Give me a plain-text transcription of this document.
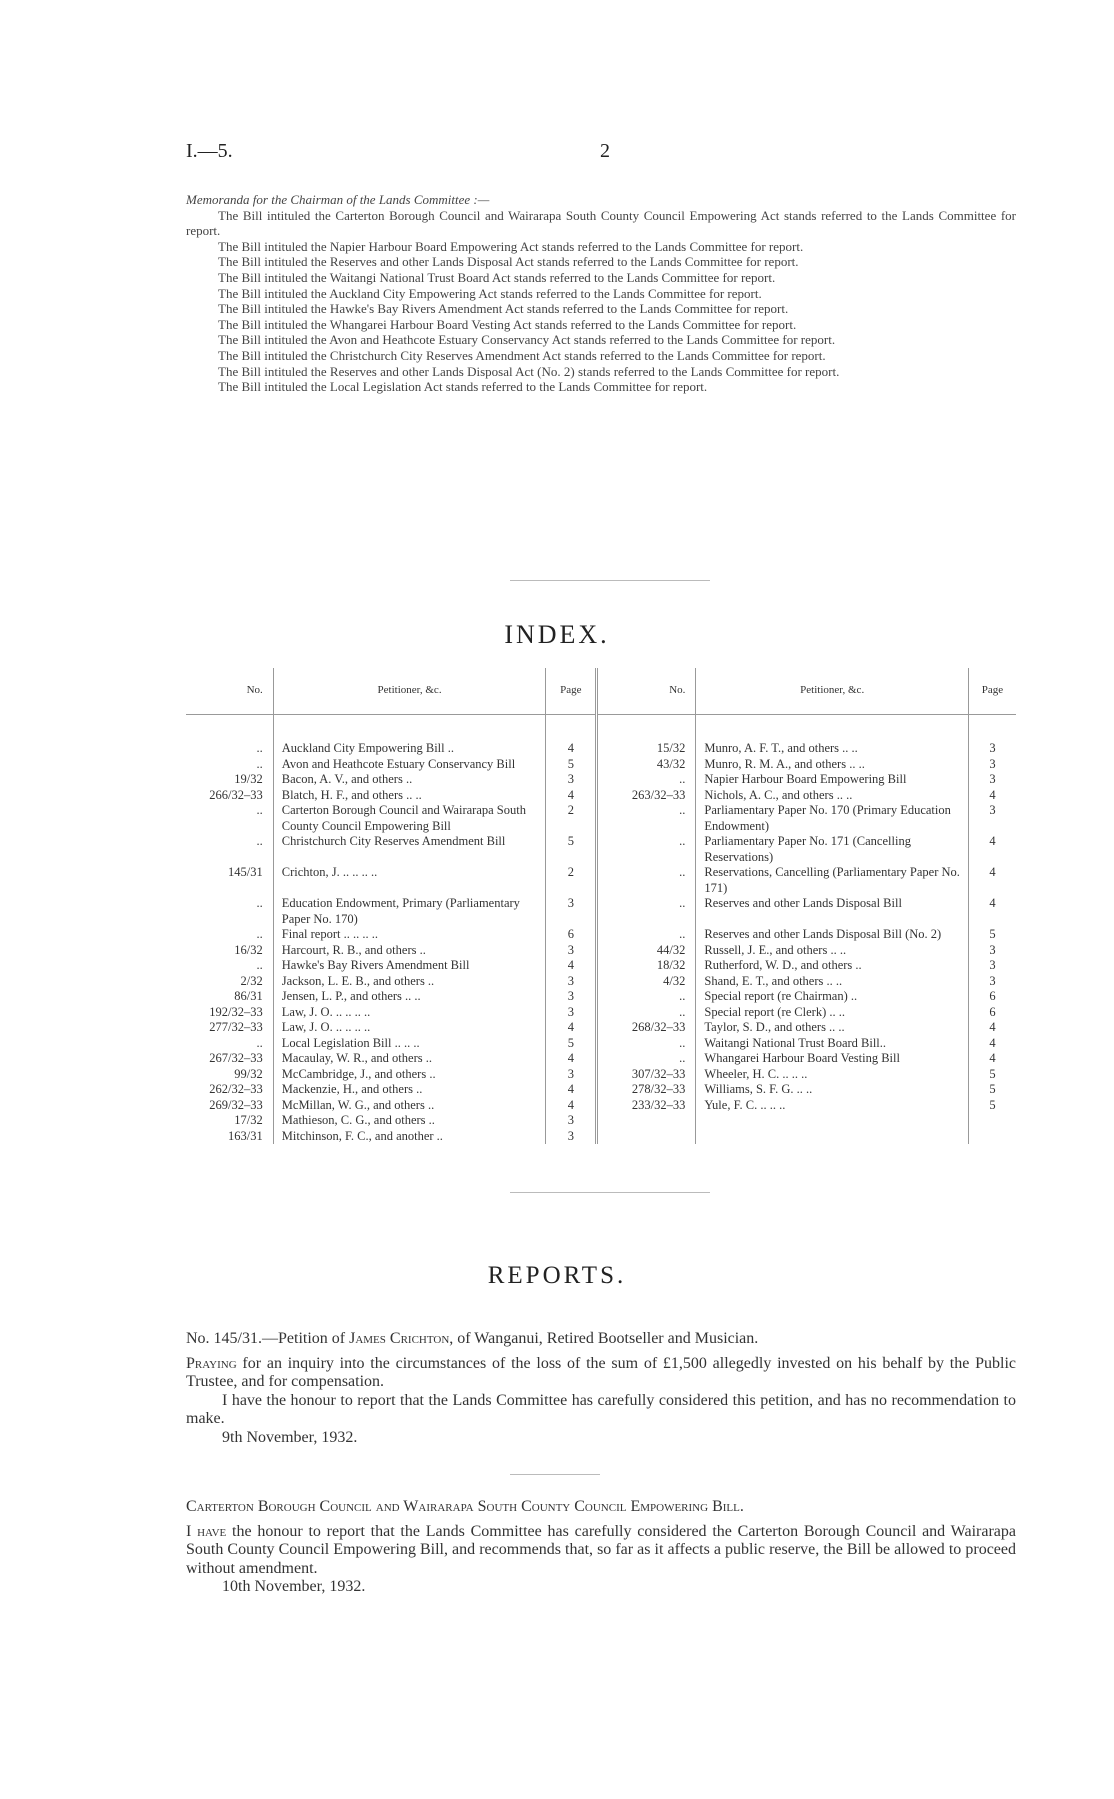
I.—5.	2
Memoranda for the Chairman of the Lands Committee :—

The Bill intituled the Carterton Borough Council and Wairarapa South County Council Empowering Act stands referred to the Lands Committee for report.

The Bill intituled the Napier Harbour Board Empowering Act stands referred to the Lands Committee for report.

The Bill intituled the Reserves and other Lands Disposal Act stands referred to the Lands Committee for report.

The Bill intituled the Waitangi National Trust Board Act stands referred to the Lands Committee for report.

The Bill intituled the Auckland City Empowering Act stands referred to the Lands Committee for report.

The Bill intituled the Hawke's Bay Rivers Amendment Act stands referred to the Lands Committee for report.

The Bill intituled the Whangarei Harbour Board Vesting Act stands referred to the Lands Committee for report.

The Bill intituled the Avon and Heathcote Estuary Conservancy Act stands referred to the Lands Committee for report.

The Bill intituled the Christchurch City Reserves Amendment Act stands referred to the Lands Committee for report.

The Bill intituled the Reserves and other Lands Disposal Act (No. 2) stands referred to the Lands Committee for report.

The Bill intituled the Local Legislation Act stands referred to the Lands Committee for report.

INDEX.
No.	Petitioner, &c.	Page	No.	Petitioner, &c.	Page
..	Auckland City Empowering Bill ..	4	15/32	Munro, A. F. T., and others .. ..	3
..	Avon and Heathcote Estuary Conservancy Bill	5	43/32	Munro, R. M. A., and others .. ..	3
19/32	Bacon, A. V., and others ..	3	..	Napier Harbour Board Empowering Bill	3
266/32–33	Blatch, H. F., and others .. ..	4	263/32–33	Nichols, A. C., and others .. ..	4
..	Carterton Borough Council and Wairarapa South County Council Empowering Bill	2	..	Parliamentary Paper No. 170 (Primary Education Endowment)	3
..	Christchurch City Reserves Amendment Bill	5	..	Parliamentary Paper No. 171 (Cancelling Reservations)	4
145/31	Crichton, J. .. .. .. ..	2	..	Reservations, Cancelling (Parliamentary Paper No. 171)	4
..	Education Endowment, Primary (Parliamentary Paper No. 170)	3	..	Reserves and other Lands Disposal Bill	4
..	Final report .. .. .. ..	6	..	Reserves and other Lands Disposal Bill (No. 2)	5
16/32	Harcourt, R. B., and others ..	3	44/32	Russell, J. E., and others .. ..	3
..	Hawke's Bay Rivers Amendment Bill	4	18/32	Rutherford, W. D., and others ..	3
2/32	Jackson, L. E. B., and others ..	3	4/32	Shand, E. T., and others .. ..	3
86/31	Jensen, L. P., and others .. ..	3	..	Special report (re Chairman) ..	6
192/32–33	Law, J. O. .. .. .. ..	3	..	Special report (re Clerk) .. ..	6
277/32–33	Law, J. O. .. .. .. ..	4	268/32–33	Taylor, S. D., and others .. ..	4
..	Local Legislation Bill .. .. ..	5	..	Waitangi National Trust Board Bill..	4
267/32–33	Macaulay, W. R., and others ..	4	..	Whangarei Harbour Board Vesting Bill	4
99/32	McCambridge, J., and others ..	3	307/32–33	Wheeler, H. C. .. .. ..	5
262/32–33	Mackenzie, H., and others ..	4	278/32–33	Williams, S. F. G. .. ..	5
269/32–33	McMillan, W. G., and others ..	4	233/32–33	Yule, F. C. .. .. ..	5
17/32	Mathieson, C. G., and others ..	3			
163/31	Mitchinson, F. C., and another ..	3			
REPORTS.

No. 145/31.—Petition of James Crichton, of Wanganui, Retired Bootseller and Musician.

Praying for an inquiry into the circumstances of the loss of the sum of £1,500 allegedly invested on his behalf by the Public Trustee, and for compensation.

I have the honour to report that the Lands Committee has carefully considered this petition, and has no recommendation to make.

9th November, 1932.

Carterton Borough Council and Wairarapa South County Council Empowering Bill.

I have the honour to report that the Lands Committee has carefully considered the Carterton Borough Council and Wairarapa South County Council Empowering Bill, and recommends that, so far as it affects a public reserve, the Bill be allowed to proceed without amendment.

10th November, 1932.
